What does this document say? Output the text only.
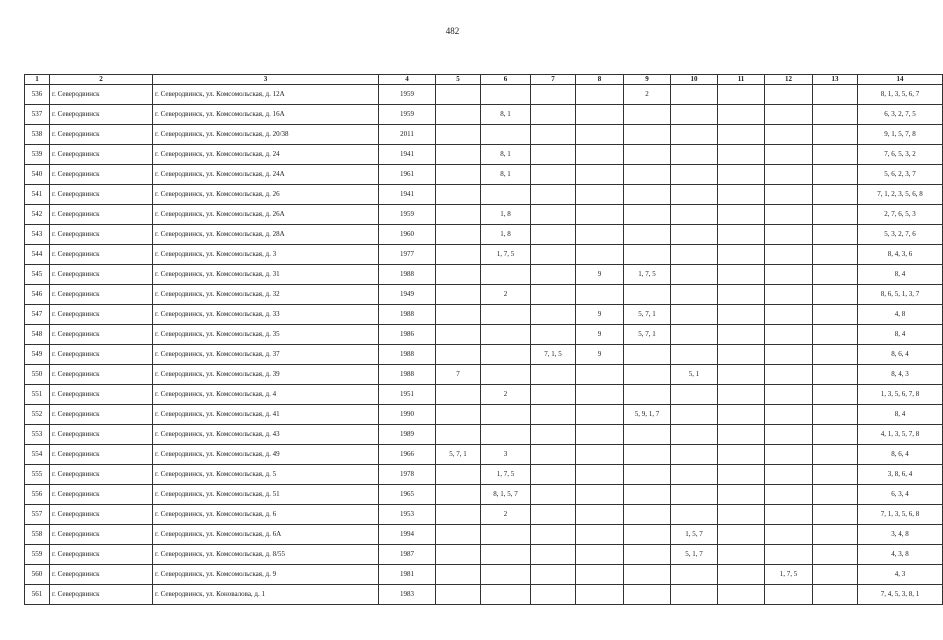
482
1	2	3	4	5	6	7	8	9	10	11	12	13	14
536	г. Северодвинск	г. Северодвинск, ул. Комсомольская, д. 12А	1959					2					8, 1, 3, 5, 6, 7
537	г. Северодвинск	г. Северодвинск, ул. Комсомольская, д. 16А	1959		8, 1								6, 3, 2, 7, 5
538	г. Северодвинск	г. Северодвинск, ул. Комсомольская, д. 20/38	2011										9, 1, 5, 7, 8
539	г. Северодвинск	г. Северодвинск, ул. Комсомольская, д. 24	1941		8, 1								7, 6, 5, 3, 2
540	г. Северодвинск	г. Северодвинск, ул. Комсомольская, д. 24А	1961		8, 1								5, 6, 2, 3, 7
541	г. Северодвинск	г. Северодвинск, ул. Комсомольская, д. 26	1941										7, 1, 2, 3, 5, 6, 8
542	г. Северодвинск	г. Северодвинск, ул. Комсомольская, д. 26А	1959		1, 8								2, 7, 6, 5, 3
543	г. Северодвинск	г. Северодвинск, ул. Комсомольская, д. 28А	1960		1, 8								5, 3, 2, 7, 6
544	г. Северодвинск	г. Северодвинск, ул. Комсомольская, д. 3	1977		1, 7, 5								8, 4, 3, 6
545	г. Северодвинск	г. Северодвинск, ул. Комсомольская, д. 31	1988				9	1, 7, 5					8, 4
546	г. Северодвинск	г. Северодвинск, ул. Комсомольская, д. 32	1949		2								8, 6, 5, 1, 3, 7
547	г. Северодвинск	г. Северодвинск, ул. Комсомольская, д. 33	1988				9	5, 7, 1					4, 8
548	г. Северодвинск	г. Северодвинск, ул. Комсомольская, д. 35	1986				9	5, 7, 1					8, 4
549	г. Северодвинск	г. Северодвинск, ул. Комсомольская, д. 37	1988			7, 1, 5	9						8, 6, 4
550	г. Северодвинск	г. Северодвинск, ул. Комсомольская, д. 39	1988	7					5, 1				8, 4, 3
551	г. Северодвинск	г. Северодвинск, ул. Комсомольская, д. 4	1951		2								1, 3, 5, 6, 7, 8
552	г. Северодвинск	г. Северодвинск, ул. Комсомольская, д. 41	1990					5, 9, 1, 7					8, 4
553	г. Северодвинск	г. Северодвинск, ул. Комсомольская, д. 43	1989										4, 1, 3, 5, 7, 8
554	г. Северодвинск	г. Северодвинск, ул. Комсомольская, д. 49	1966	5, 7, 1	3								8, 6, 4
555	г. Северодвинск	г. Северодвинск, ул. Комсомольская, д. 5	1978		1, 7, 5								3, 8, 6, 4
556	г. Северодвинск	г. Северодвинск, ул. Комсомольская, д. 51	1965		8, 1, 5, 7								6, 3, 4
557	г. Северодвинск	г. Северодвинск, ул. Комсомольская, д. 6	1953		2								7, 1, 3, 5, 6, 8
558	г. Северодвинск	г. Северодвинск, ул. Комсомольская, д. 6А	1994						1, 5, 7				3, 4, 8
559	г. Северодвинск	г. Северодвинск, ул. Комсомольская, д. 8/55	1987						5, 1, 7				4, 3, 8
560	г. Северодвинск	г. Северодвинск, ул. Комсомольская, д. 9	1981								1, 7, 5		4, 3
561	г. Северодвинск	г. Северодвинск, ул. Коновалова, д. 1	1983										7, 4, 5, 3, 8, 1
